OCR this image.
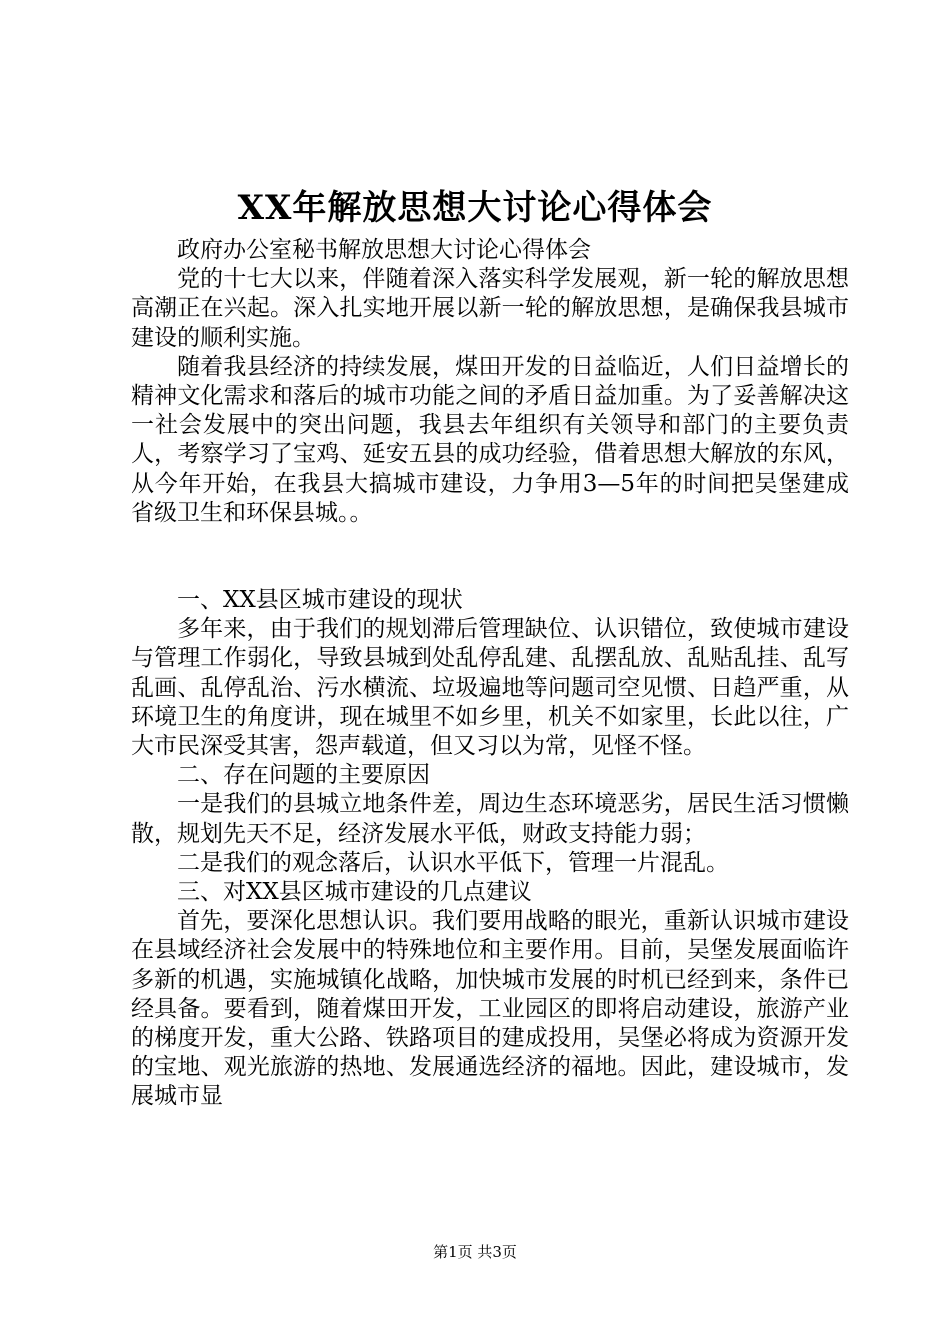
XX年解放思想大讨论心得体会

政府办公室秘书解放思想大讨论心得体会

党的十七大以来，伴随着深入落实科学发展观，新一轮的解放思想高潮正在兴起。深入扎实地开展以新一轮的解放思想，是确保我县城市建设的顺利实施。

随着我县经济的持续发展，煤田开发的日益临近，人们日益增长的精神文化需求和落后的城市功能之间的矛盾日益加重。为了妥善解决这一社会发展中的突出问题，我县去年组织有关领导和部门的主要负责人，考察学习了宝鸡、延安五县的成功经验，借着思想大解放的东风，从今年开始，在我县大搞城市建设，力争用3—5年的时间把吴堡建成省级卫生和环保县城。。

一、XX县区城市建设的现状

多年来，由于我们的规划滞后管理缺位、认识错位，致使城市建设与管理工作弱化，导致县城到处乱停乱建、乱摆乱放、乱贴乱挂、乱写乱画、乱停乱治、污水横流、垃圾遍地等问题司空见惯、日趋严重，从环境卫生的角度讲，现在城里不如乡里，机关不如家里，长此以往，广大市民深受其害，怨声载道，但又习以为常，见怪不怪。

二、存在问题的主要原因

一是我们的县城立地条件差，周边生态环境恶劣，居民生活习惯懒散，规划先天不足，经济发展水平低，财政支持能力弱；

二是我们的观念落后，认识水平低下，管理一片混乱。

三、对XX县区城市建设的几点建议

首先，要深化思想认识。我们要用战略的眼光，重新认识城市建设在县域经济社会发展中的特殊地位和主要作用。目前，吴堡发展面临许多新的机遇，实施城镇化战略，加快城市发展的时机已经到来，条件已经具备。要看到，随着煤田开发，工业园区的即将启动建设，旅游产业的梯度开发，重大公路、铁路项目的建成投用，吴堡必将成为资源开发的宝地、观光旅游的热地、发展通选经济的福地。因此，建设城市，发展城市显

第1页 共3页
